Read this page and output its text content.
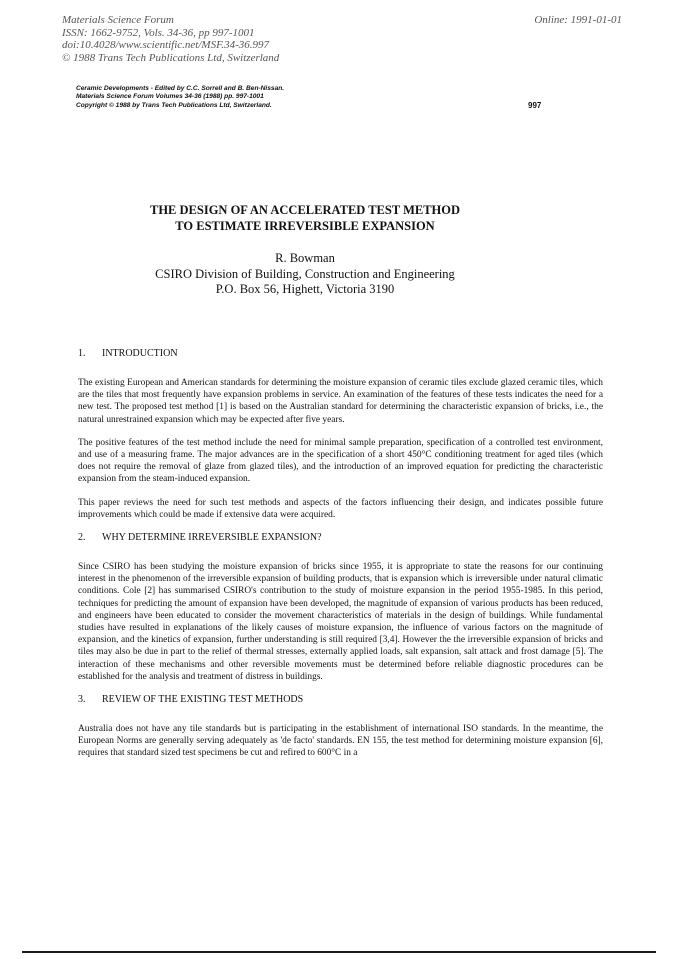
Materials Science Forum
ISSN: 1662-9752, Vols. 34-36, pp 997-1001
doi:10.4028/www.scientific.net/MSF.34-36.997
© 1988 Trans Tech Publications Ltd, Switzerland
Online: 1991-01-01
Ceramic Developments - Edited by C.C. Sorrell and B. Ben-Nissan.
Materials Science Forum Volumes 34-36 (1988) pp. 997-1001
Copyright © 1988 by Trans Tech Publications Ltd, Switzerland.	997
THE DESIGN OF AN ACCELERATED TEST METHOD
TO ESTIMATE IRREVERSIBLE EXPANSION
R. Bowman
CSIRO Division of Building, Construction and Engineering
P.O. Box 56, Highett, Victoria 3190
1.	INTRODUCTION

The existing European and American standards for determining the moisture expansion of ceramic tiles exclude glazed ceramic tiles, which are the tiles that most frequently have expansion problems in service. An examination of the features of these tests indicates the need for a new test. The proposed test method [1] is based on the Australian standard for determining the characteristic expansion of bricks, i.e., the natural unrestrained expansion which may be expected after five years.

The positive features of the test method include the need for minimal sample preparation, specification of a controlled test environment, and use of a measuring frame. The major advances are in the specification of a short 450°C conditioning treatment for aged tiles (which does not require the removal of glaze from glazed tiles), and the introduction of an improved equation for predicting the characteristic expansion from the steam-induced expansion.

This paper reviews the need for such test methods and aspects of the factors influencing their design, and indicates possible future improvements which could be made if extensive data were acquired.

2.	WHY DETERMINE IRREVERSIBLE EXPANSION?

Since CSIRO has been studying the moisture expansion of bricks since 1955, it is appropriate to state the reasons for our continuing interest in the phenomenon of the irreversible expansion of building products, that is expansion which is irreversible under natural climatic conditions. Cole [2] has summarised CSIRO's contribution to the study of moisture expansion in the period 1955-1985. In this period, techniques for predicting the amount of expansion have been developed, the magnitude of expansion of various products has been reduced, and engineers have been educated to consider the movement characteristics of materials in the design of buildings. While fundamental studies have resulted in explanations of the likely causes of moisture expansion, the influence of various factors on the magnitude of expansion, and the kinetics of expansion, further understanding is still required [3,4]. However the the irreversible expansion of bricks and tiles may also be due in part to the relief of thermal stresses, externally applied loads, salt expansion, salt attack and frost damage [5]. The interaction of these mechanisms and other reversible movements must be determined before reliable diagnostic procedures can be established for the analysis and treatment of distress in buildings.

3.	REVIEW OF THE EXISTING TEST METHODS

Australia does not have any tile standards but is participating in the establishment of international ISO standards. In the meantime, the European Norms are generally serving adequately as 'de facto' standards. EN 155, the test method for determining moisture expansion [6], requires that standard sized test specimens be cut and refired to 600°C in a
